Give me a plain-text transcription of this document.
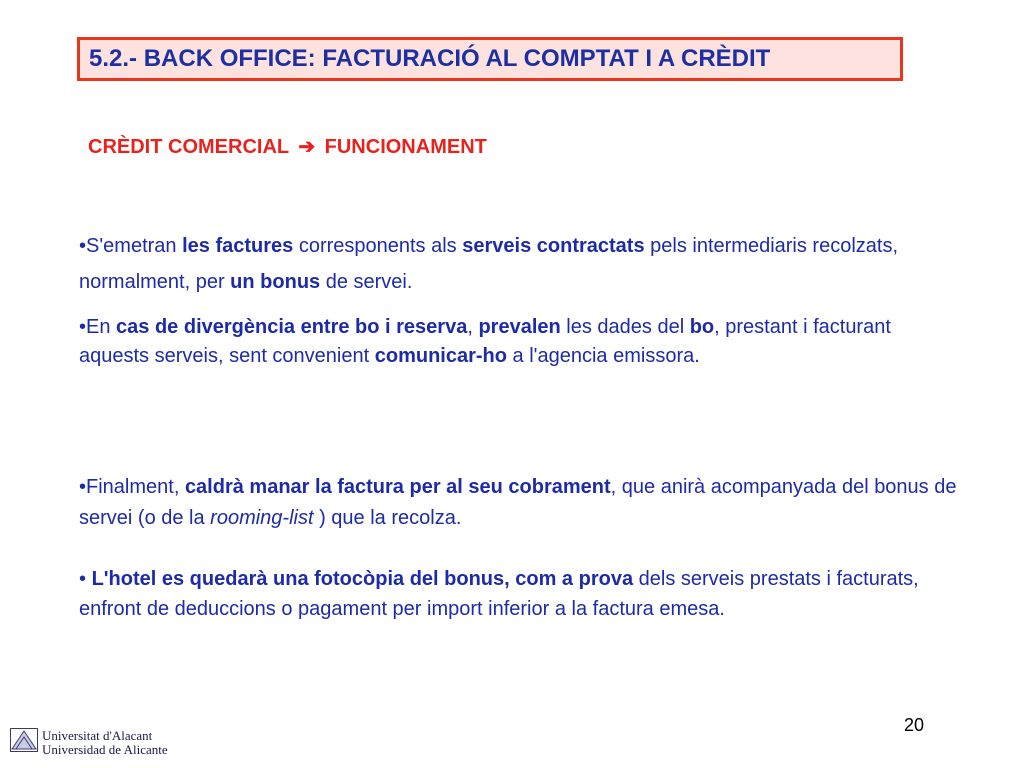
5.2.- BACK OFFICE: FACTURACIÓ AL COMPTAT I A CRÈDIT
CRÈDIT COMERCIAL ➔ FUNCIONAMENT
•S'emetran les factures corresponents als serveis contractats pels intermediaris recolzats, normalment, per un bonus de servei.
•En cas de divergència entre bo i reserva, prevalen les dades del bo, prestant i facturant aquests serveis, sent convenient comunicar-ho a l'agencia emissora.
•Finalment, caldrà manar la factura per al seu cobrament, que anirà acompanyada del bonus de servei (o de la rooming-list ) que la recolza.
• L'hotel es quedarà una fotocòpia del bonus, com a prova dels serveis prestats i facturats, enfront de deduccions o pagament per import inferior a la factura emesa.
20
Universitat d'Alacant
Universidad de Alicante
